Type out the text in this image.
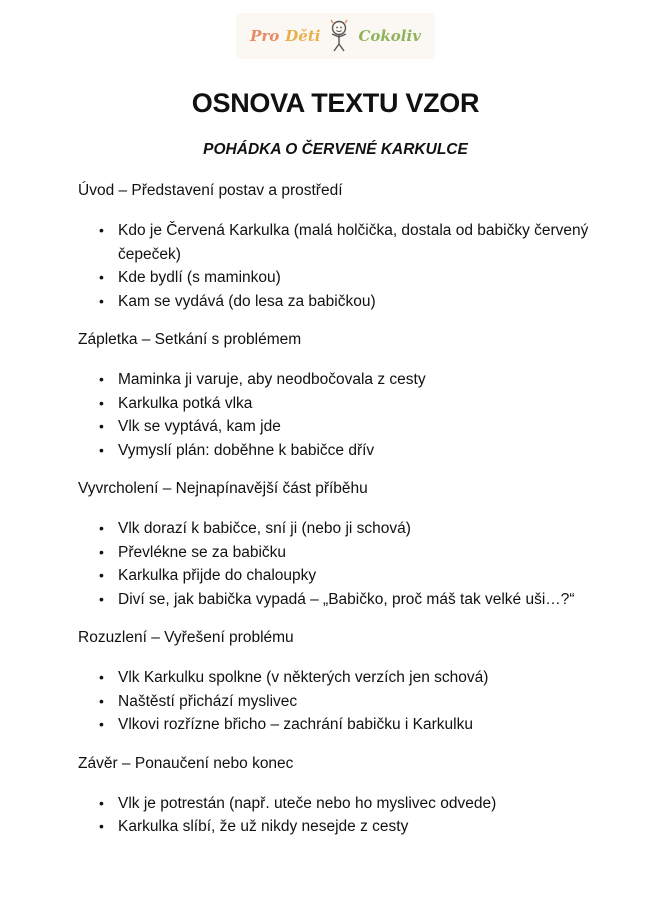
Pro Děti	Cokoliv
OSNOVA TEXTU VZOR
POHÁDKA O ČERVENÉ KARKULCE

Úvod – Představení postav a prostředí

• Kdo je Červená Karkulka (malá holčička, dostala od babičky červený čepeček)
• Kde bydlí (s maminkou)
• Kam se vydává (do lesa za babičkou)

Zápletka – Setkání s problémem

• Maminka ji varuje, aby neodbočovala z cesty
• Karkulka potká vlka
• Vlk se vyptává, kam jde
• Vymyslí plán: doběhne k babičce dřív

Vyvrcholení – Nejnapínavější část příběhu

• Vlk dorazí k babičce, sní ji (nebo ji schová)
• Převlékne se za babičku
• Karkulka přijde do chaloupky
• Diví se, jak babička vypadá – „Babičko, proč máš tak velké uši…?“

Rozuzlení – Vyřešení problému

• Vlk Karkulku spolkne (v některých verzích jen schová)
• Naštěstí přichází myslivec
• Vlkovi rozřízne břicho – zachrání babičku i Karkulku

Závěr – Ponaučení nebo konec

• Vlk je potrestán (např. uteče nebo ho myslivec odvede)
• Karkulka slíbí, že už nikdy nesejde z cesty
